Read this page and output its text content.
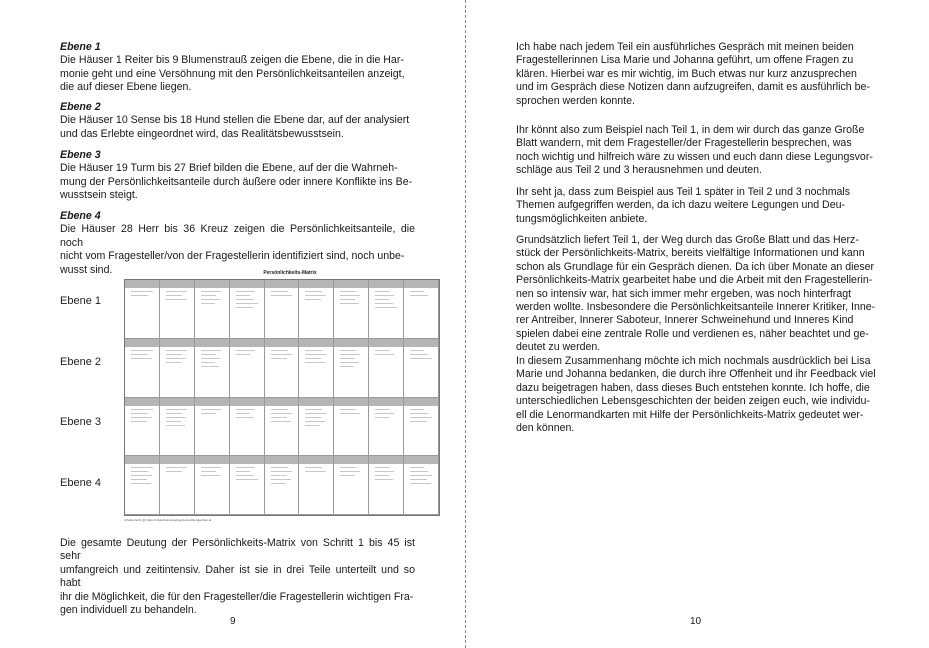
Ebene 1

Die Häuser 1 Reiter bis 9 Blumenstrauß zeigen die Ebene, die in die Har-

monie geht und eine Versöhnung mit den Persönlichkeitsanteilen anzeigt,

die auf dieser Ebene liegen.

Ebene 2

Die Häuser 10 Sense bis 18 Hund stellen die Ebene dar, auf der analysiert

und das Erlebte eingeordnet wird, das Realitätsbewusstsein.

Ebene 3

Die Häuser 19 Turm bis 27 Brief bilden die Ebene, auf der die Wahrneh-

mung der Persönlichkeitsanteile durch äußere oder innere Konflikte ins Be-

wusstsein steigt.

Ebene 4

Die Häuser 28 Herr bis 36 Kreuz zeigen die Persönlichkeitsanteile, die noch

nicht vom Fragesteller/von der Fragestellerin identifiziert sind, noch unbe-

wusst sind.	Persönlichkeits-Matrix
Ebene 1
Ebene 2
Ebene 3
Ebene 4
Urheberrecht @ https://milderheimaniechgy.de/und/dergleichen.at

Die gesamte Deutung der Persönlichkeits-Matrix von Schritt 1 bis 45 ist sehr

umfangreich und zeitintensiv. Daher ist sie in drei Teile unterteilt und so habt

ihr die Möglichkeit, die für den Fragesteller/die Fragestellerin wichtigen Fra-

gen individuell zu behandeln.

9

Ich habe nach jedem Teil ein ausführliches Gespräch mit meinen beiden

Fragestellerinnen Lisa Marie und Johanna geführt, um offene Fragen zu

klären. Hierbei war es mir wichtig, im Buch etwas nur kurz anzusprechen

und im Gespräch diese Notizen dann aufzugreifen, damit es ausführlich be-

sprochen werden konnte.

Ihr könnt also zum Beispiel nach Teil 1, in dem wir durch das ganze Große

Blatt wandern, mit dem Fragesteller/der Fragestellerin besprechen, was

noch wichtig und hilfreich wäre zu wissen und euch dann diese Legungsvor-

schläge aus Teil 2 und 3 herausnehmen und deuten.

Ihr seht ja, dass zum Beispiel aus Teil 1 später in Teil 2 und 3 nochmals

Themen aufgegriffen werden, da ich dazu weitere Legungen und Deu-

tungsmöglichkeiten anbiete.

Grundsätzlich liefert Teil 1, der Weg durch das Große Blatt und das Herz-

stück der Persönlichkeits-Matrix, bereits vielfältige Informationen und kann

schon als Grundlage für ein Gespräch dienen. Da ich über Monate an dieser

Persönlichkeits-Matrix gearbeitet habe und die Arbeit mit den Fragestellerin-

nen so intensiv war, hat sich immer mehr ergeben, was noch hinterfragt

werden wollte. Insbesondere die Persönlichkeitsanteile Innerer Kritiker, Inne-

rer Antreiber, Innerer Saboteur, Innerer Schweinehund und Inneres Kind

spielen dabei eine zentrale Rolle und verdienen es, näher beachtet und ge-

deutet zu werden.

In diesem Zusammenhang möchte ich mich nochmals ausdrücklich bei Lisa

Marie und Johanna bedanken, die durch ihre Offenheit und ihr Feedback viel

dazu beigetragen haben, dass dieses Buch entstehen konnte. Ich hoffe, die

unterschiedlichen Lebensgeschichten der beiden zeigen euch, wie individu-

ell die Lenormandkarten mit Hilfe der Persönlichkeits-Matrix gedeutet wer-

den können.

10
